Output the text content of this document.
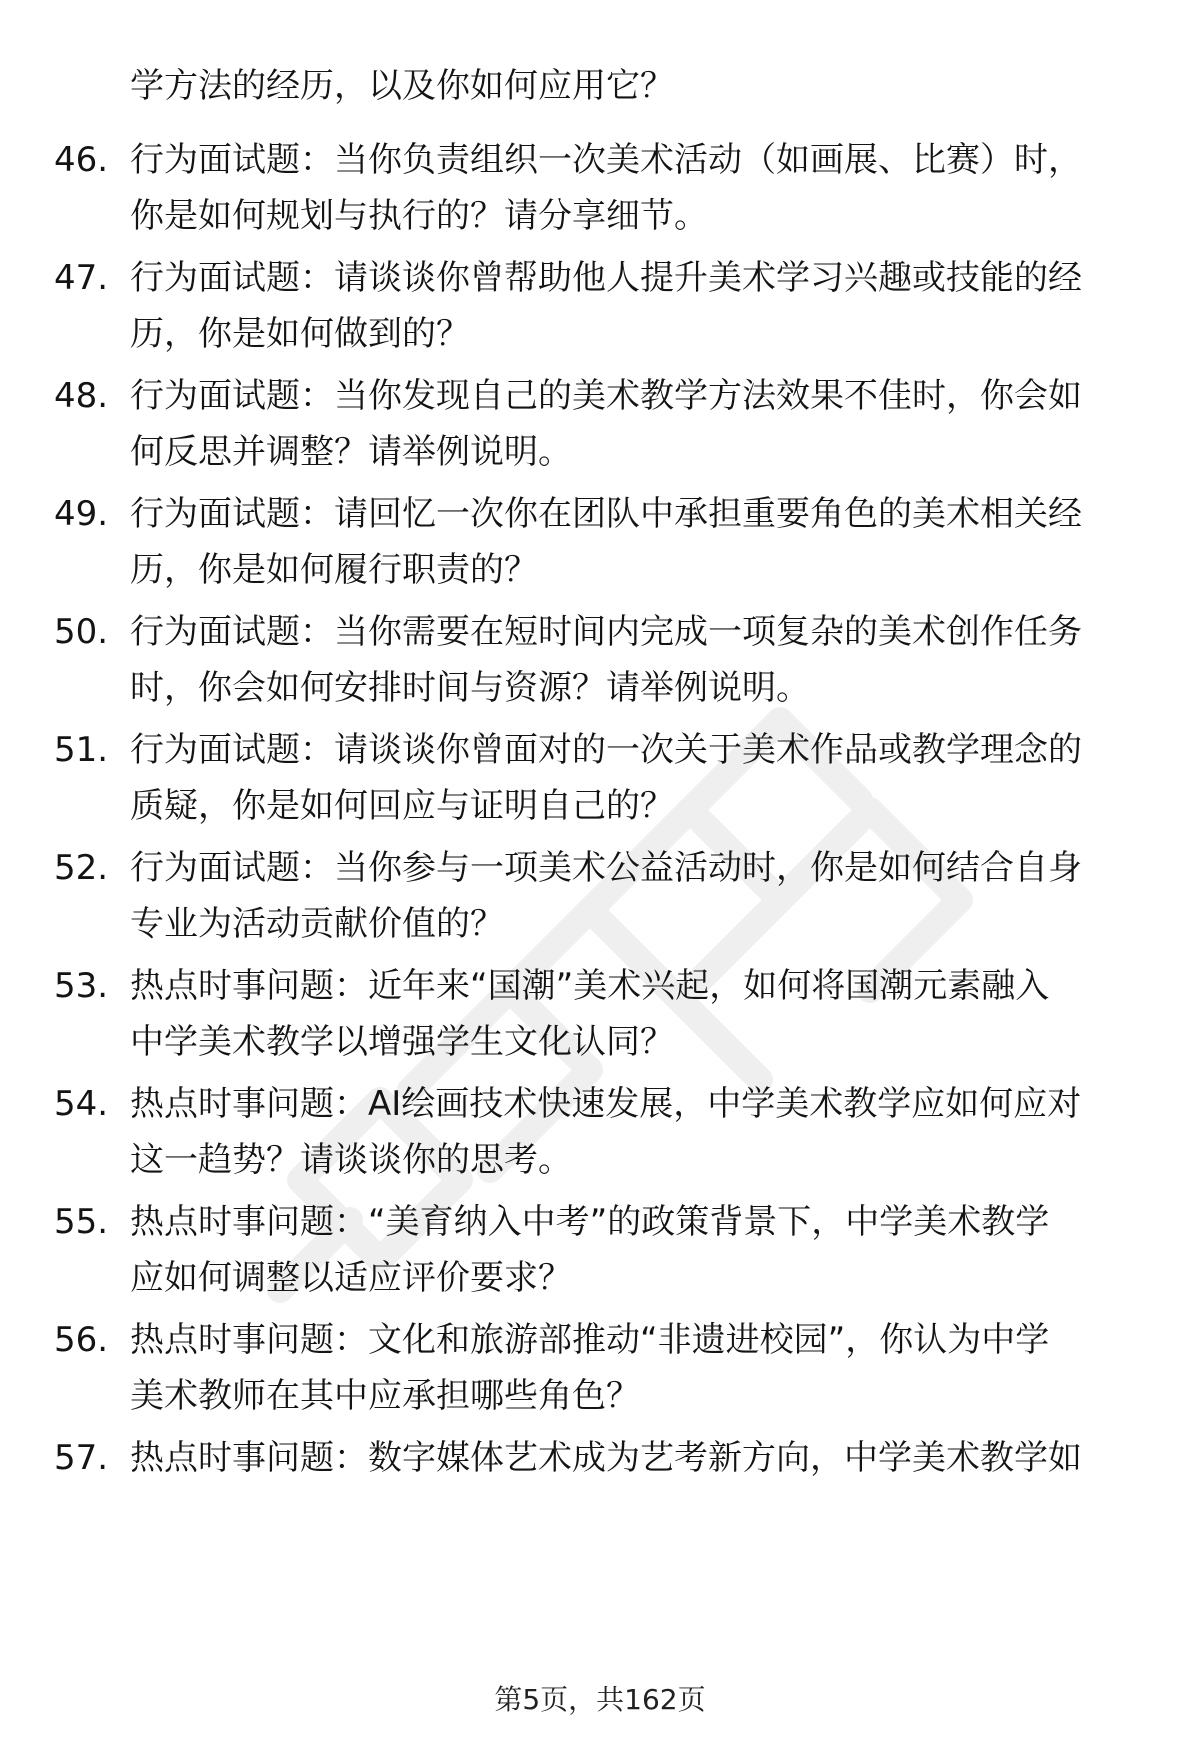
学方法的经历，以及你如何应用它？
46. 行为面试题：当你负责组织一次美术活动（如画展、比赛）时，
你是如何规划与执行的？请分享细节。
47. 行为面试题：请谈谈你曾帮助他人提升美术学习兴趣或技能的经
历，你是如何做到的？
48. 行为面试题：当你发现自己的美术教学方法效果不佳时，你会如
何反思并调整？请举例说明。
49. 行为面试题：请回忆一次你在团队中承担重要角色的美术相关经
历，你是如何履行职责的？
50. 行为面试题：当你需要在短时间内完成一项复杂的美术创作任务
时，你会如何安排时间与资源？请举例说明。
51. 行为面试题：请谈谈你曾面对的一次关于美术作品或教学理念的
质疑，你是如何回应与证明自己的？
52. 行为面试题：当你参与一项美术公益活动时，你是如何结合自身
专业为活动贡献价值的？
53. 热点时事问题：近年来“国潮”美术兴起，如何将国潮元素融入
中学美术教学以增强学生文化认同？
54. 热点时事问题：AI绘画技术快速发展，中学美术教学应如何应对
这一趋势？请谈谈你的思考。
55. 热点时事问题：“美育纳入中考”的政策背景下，中学美术教学
应如何调整以适应评价要求？
56. 热点时事问题：文化和旅游部推动“非遗进校园”，你认为中学
美术教师在其中应承担哪些角色？
57. 热点时事问题：数字媒体艺术成为艺考新方向，中学美术教学如
第5页，共162页
